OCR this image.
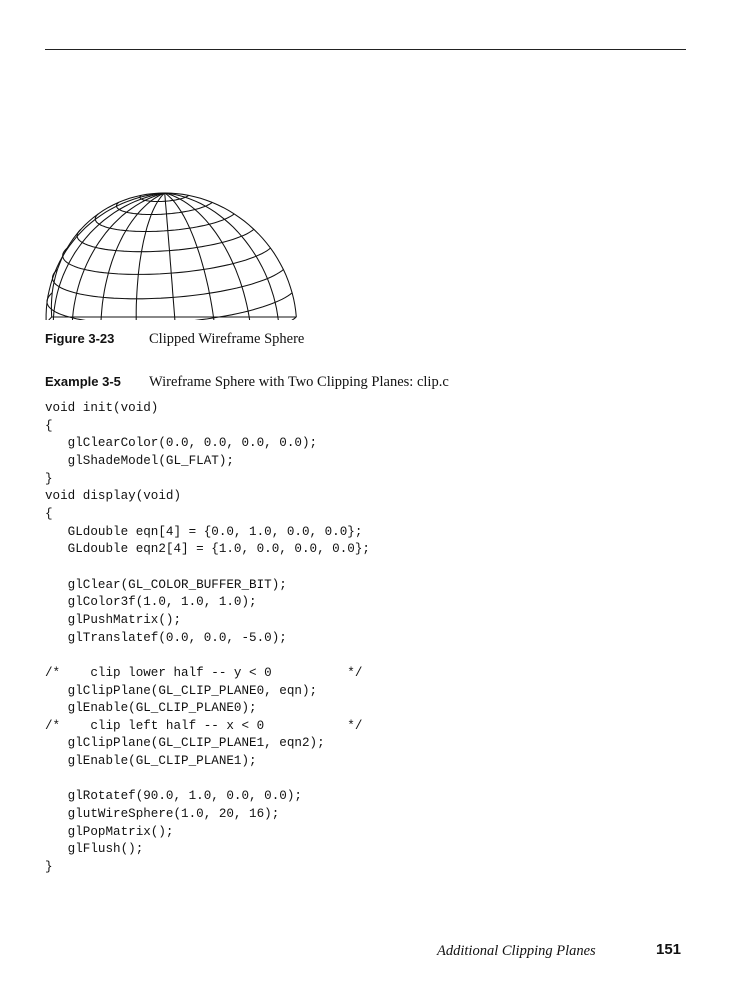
Figure 3-23 Clipped Wireframe Sphere
Example 3-5 Wireframe Sphere with Two Clipping Planes: clip.c
void init(void)
{
glClearColor(0.0, 0.0, 0.0, 0.0);
glShadeModel(GL_FLAT);
}
void display(void)
{
GLdouble eqn[4] = {0.0, 1.0, 0.0, 0.0};
GLdouble eqn2[4] = {1.0, 0.0, 0.0, 0.0};

glClear(GL_COLOR_BUFFER_BIT);
glColor3f(1.0, 1.0, 1.0);
glPushMatrix();
glTranslatef(0.0, 0.0, -5.0);

/*    clip lower half -- y < 0          */
glClipPlane(GL_CLIP_PLANE0, eqn);
glEnable(GL_CLIP_PLANE0);
/*    clip left half -- x < 0           */
glClipPlane(GL_CLIP_PLANE1, eqn2);
glEnable(GL_CLIP_PLANE1);

glRotatef(90.0, 1.0, 0.0, 0.0);
glutWireSphere(1.0, 20, 16);
glPopMatrix();
glFlush();
}

Additional Clipping Planes	151
